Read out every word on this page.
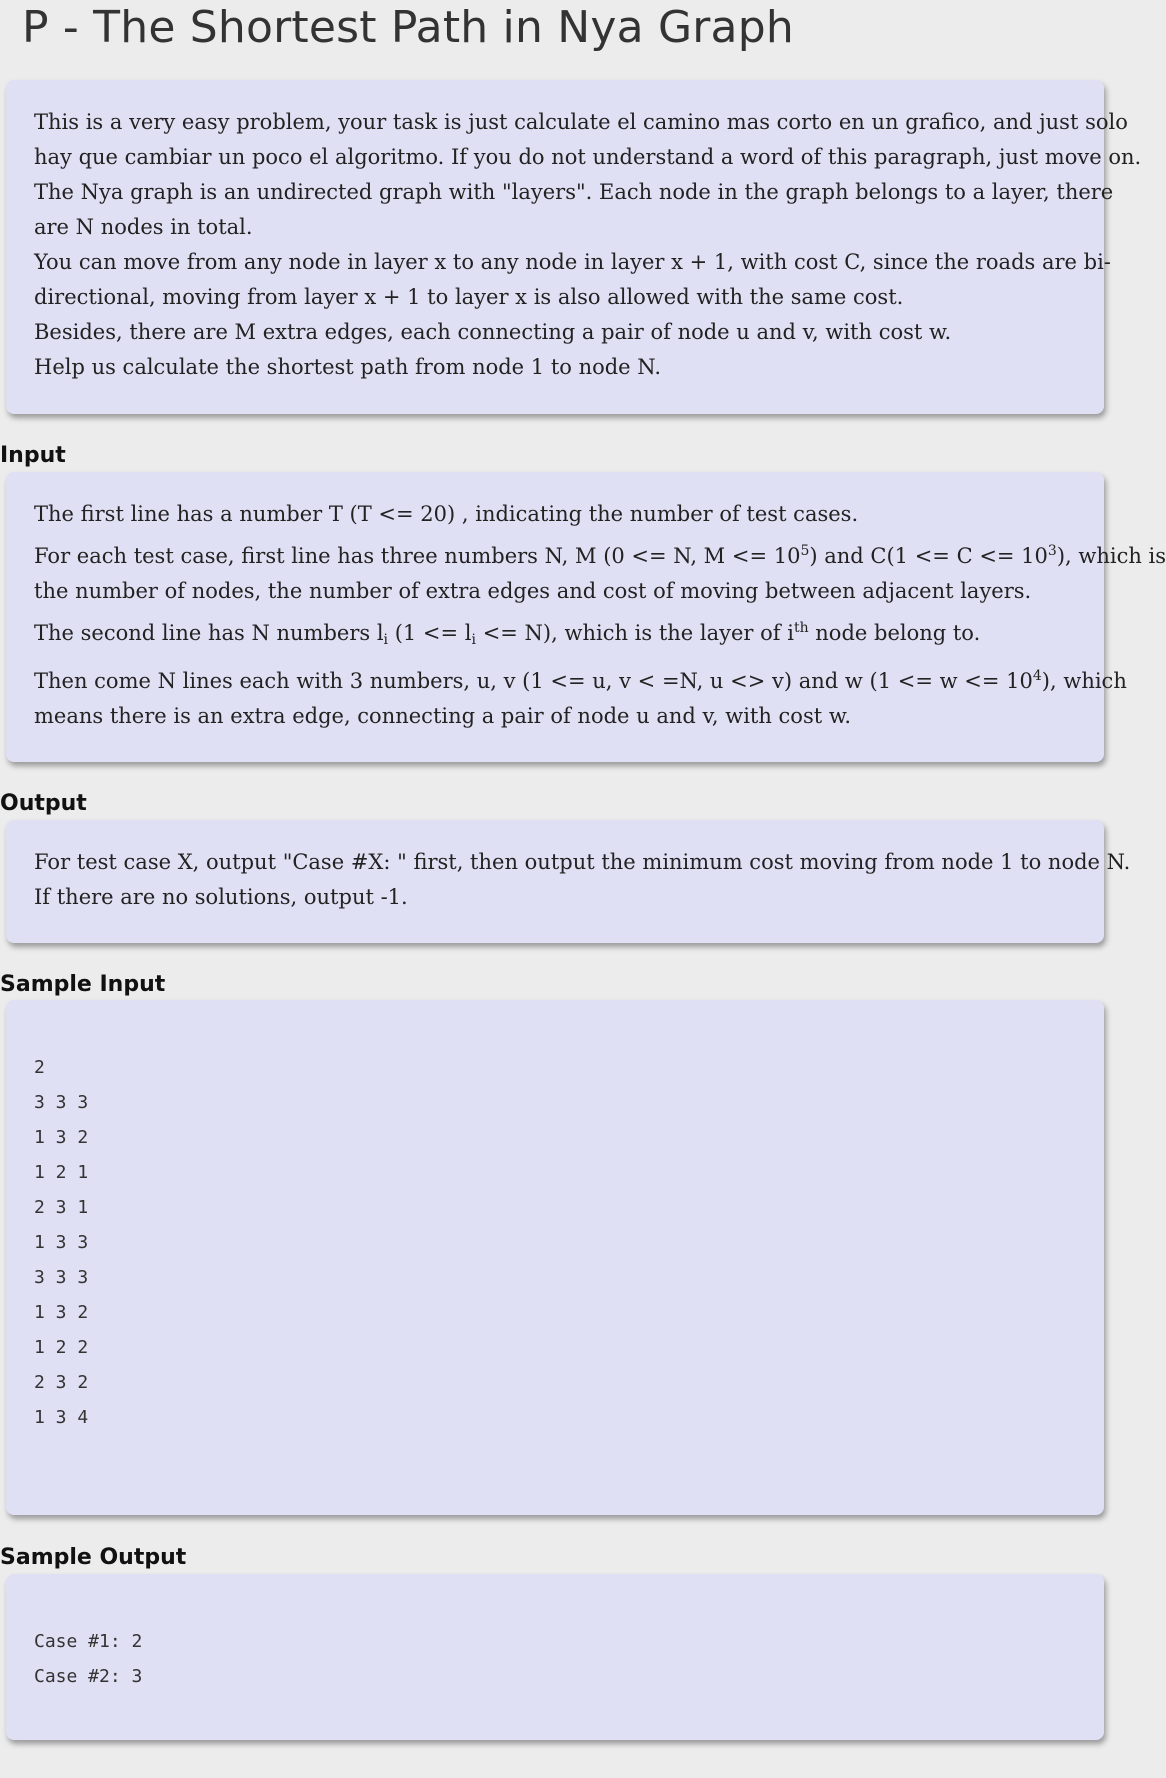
P - The Shortest Path in Nya Graph
This is a very easy problem, your task is just calculate el camino mas corto en un grafico, and just solo
hay que cambiar un poco el algoritmo. If you do not understand a word of this paragraph, just move on.
The Nya graph is an undirected graph with "layers". Each node in the graph belongs to a layer, there
are N nodes in total.
You can move from any node in layer x to any node in layer x + 1, with cost C, since the roads are bi-
directional, moving from layer x + 1 to layer x is also allowed with the same cost.
Besides, there are M extra edges, each connecting a pair of node u and v, with cost w.
Help us calculate the shortest path from node 1 to node N.
Input
The first line has a number T (T <= 20) , indicating the number of test cases.
For each test case, first line has three numbers N, M (0 <= N, $M <= 10^5$) and $C(1 <= C <= 10^3)$, which is
the number of nodes, the number of extra edges and cost of moving between adjacent layers.
The second line has N numbers $l_i$ $(1 <= l_i <= N)$, which is the layer of $i^{th}$ node belong to.
Then come N lines each with 3 numbers, u, v (1 <= u, v < =N, u <> v) and w $(1 <= w <= 10^4)$, which
means there is an extra edge, connecting a pair of node u and v, with cost w.
Output
For test case X, output "Case #X: " first, then output the minimum cost moving from node 1 to node N.
If there are no solutions, output -1.
Sample Input
2
3 3 3
1 3 2
1 2 1
2 3 1
1 3 3
3 3 3
1 3 2
1 2 2
2 3 2
1 3 4
Sample Output
Case #1: 2
Case #2: 3
